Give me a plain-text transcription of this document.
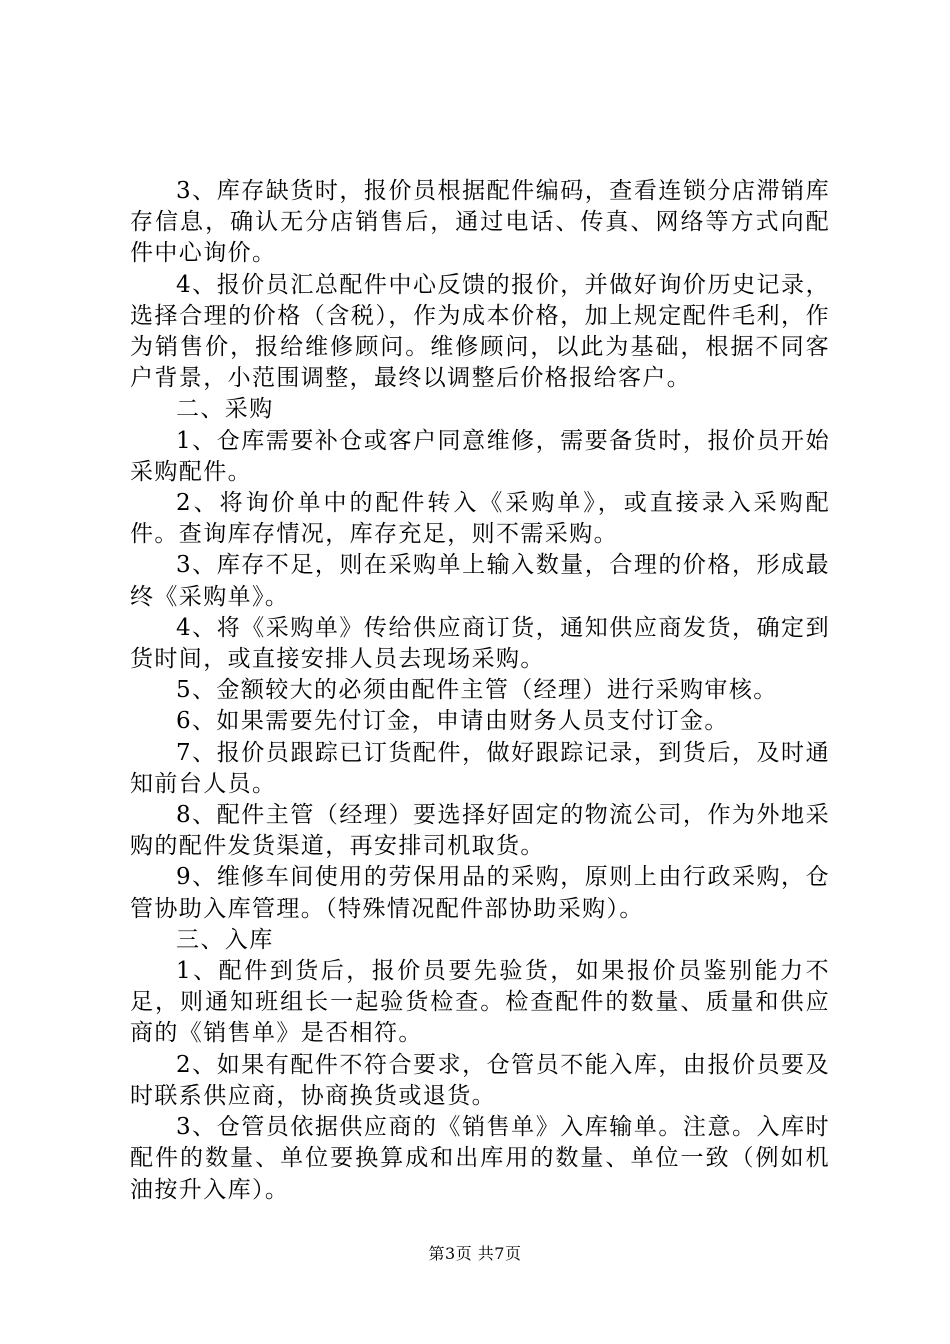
3、库存缺货时，报价员根据配件编码，查看连锁分店滞销库存信息，确认无分店销售后，通过电话、传真、网络等方式向配件中心询价。

4、报价员汇总配件中心反馈的报价，并做好询价历史记录，选择合理的价格（含税），作为成本价格，加上规定配件毛利，作为销售价，报给维修顾问。维修顾问，以此为基础，根据不同客户背景，小范围调整，最终以调整后价格报给客户。

二、采购

1、仓库需要补仓或客户同意维修，需要备货时，报价员开始采购配件。

2、将询价单中的配件转入《采购单》，或直接录入采购配件。查询库存情况，库存充足，则不需采购。

3、库存不足，则在采购单上输入数量，合理的价格，形成最终《采购单》。

4、将《采购单》传给供应商订货，通知供应商发货，确定到货时间，或直接安排人员去现场采购。

5、金额较大的必须由配件主管（经理）进行采购审核。

6、如果需要先付订金，申请由财务人员支付订金。

7、报价员跟踪已订货配件，做好跟踪记录，到货后，及时通知前台人员。

8、配件主管（经理）要选择好固定的物流公司，作为外地采购的配件发货渠道，再安排司机取货。

9、维修车间使用的劳保用品的采购，原则上由行政采购，仓管协助入库管理。（特殊情况配件部协助采购）。

三、入库

1、配件到货后，报价员要先验货，如果报价员鉴别能力不足，则通知班组长一起验货检查。检查配件的数量、质量和供应商的《销售单》是否相符。

2、如果有配件不符合要求，仓管员不能入库，由报价员要及时联系供应商，协商换货或退货。

3、仓管员依据供应商的《销售单》入库输单。注意。入库时配件的数量、单位要换算成和出库用的数量、单位一致（例如机油按升入库）。

第3页 共7页
